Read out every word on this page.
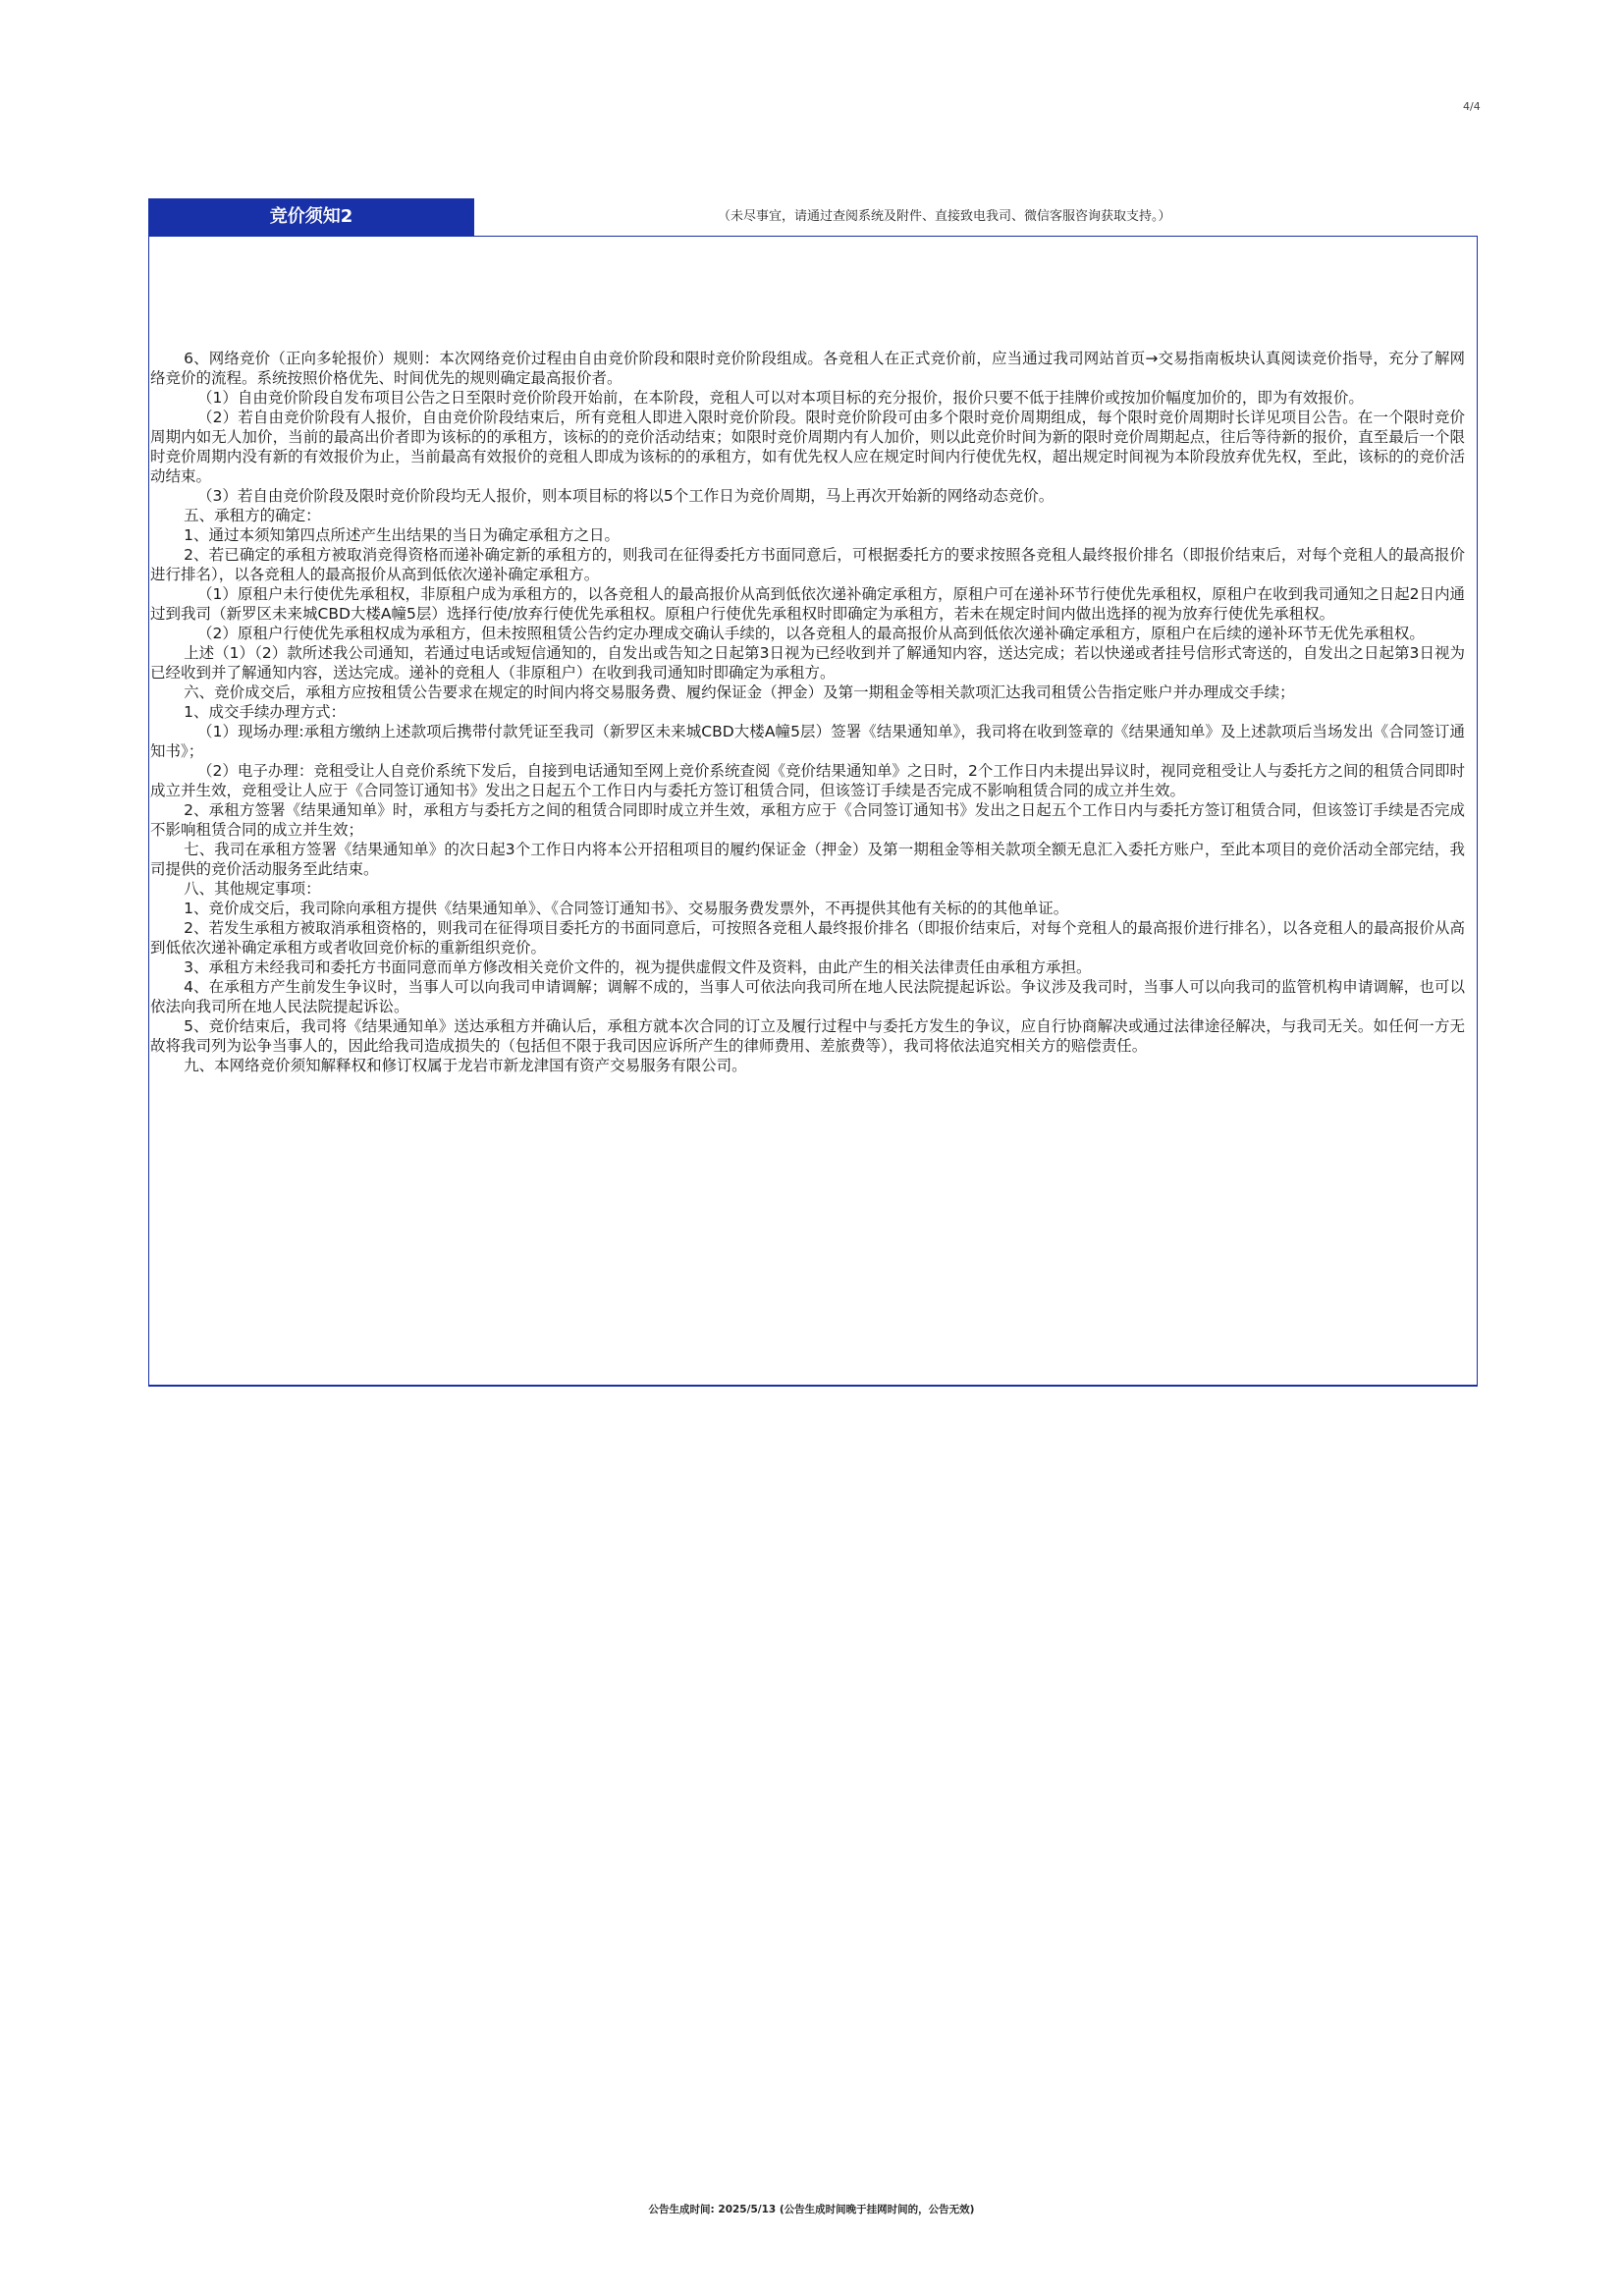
4/4
竞价须知2	（未尽事宜，请通过查阅系统及附件、直接致电我司、微信客服咨询获取支持。）

6、网络竞价（正向多轮报价）规则：本次网络竞价过程由自由竞价阶段和限时竞价阶段组成。各竞租人在正式竞价前，应当通过我司网站首页→交易指南板块认真阅读竞价指导，充分了解网络竞价的流程。系统按照价格优先、时间优先的规则确定最高报价者。

（1）自由竞价阶段自发布项目公告之日至限时竞价阶段开始前，在本阶段，竞租人可以对本项目标的充分报价，报价只要不低于挂牌价或按加价幅度加价的，即为有效报价。

（2）若自由竞价阶段有人报价，自由竞价阶段结束后，所有竞租人即进入限时竞价阶段。限时竞价阶段可由多个限时竞价周期组成，每个限时竞价周期时长详见项目公告。在一个限时竞价周期内如无人加价，当前的最高出价者即为该标的的承租方，该标的的竞价活动结束；如限时竞价周期内有人加价，则以此竞价时间为新的限时竞价周期起点，往后等待新的报价，直至最后一个限时竞价周期内没有新的有效报价为止，当前最高有效报价的竞租人即成为该标的的承租方，如有优先权人应在规定时间内行使优先权，超出规定时间视为本阶段放弃优先权，至此，该标的的竞价活动结束。

（3）若自由竞价阶段及限时竞价阶段均无人报价，则本项目标的将以5个工作日为竞价周期，马上再次开始新的网络动态竞价。

五、承租方的确定：

1、通过本须知第四点所述产生出结果的当日为确定承租方之日。

2、若已确定的承租方被取消竞得资格而递补确定新的承租方的，则我司在征得委托方书面同意后，可根据委托方的要求按照各竞租人最终报价排名（即报价结束后，对每个竞租人的最高报价进行排名），以各竞租人的最高报价从高到低依次递补确定承租方。

（1）原租户未行使优先承租权，非原租户成为承租方的，以各竞租人的最高报价从高到低依次递补确定承租方，原租户可在递补环节行使优先承租权，原租户在收到我司通知之日起2日内通过到我司（新罗区未来城CBD大楼A幢5层）选择行使/放弃行使优先承租权。原租户行使优先承租权时即确定为承租方，若未在规定时间内做出选择的视为放弃行使优先承租权。

（2）原租户行使优先承租权成为承租方，但未按照租赁公告约定办理成交确认手续的，以各竞租人的最高报价从高到低依次递补确定承租方，原租户在后续的递补环节无优先承租权。

上述（1）（2）款所述我公司通知，若通过电话或短信通知的，自发出或告知之日起第3日视为已经收到并了解通知内容，送达完成；若以快递或者挂号信形式寄送的，自发出之日起第3日视为已经收到并了解通知内容，送达完成。递补的竞租人（非原租户）在收到我司通知时即确定为承租方。

六、竞价成交后，承租方应按租赁公告要求在规定的时间内将交易服务费、履约保证金（押金）及第一期租金等相关款项汇达我司租赁公告指定账户并办理成交手续；

1、成交手续办理方式：

（1）现场办理:承租方缴纳上述款项后携带付款凭证至我司（新罗区未来城CBD大楼A幢5层）签署《结果通知单》，我司将在收到签章的《结果通知单》及上述款项后当场发出《合同签订通知书》；

（2）电子办理：竞租受让人自竞价系统下发后，自接到电话通知至网上竞价系统查阅《竞价结果通知单》之日时，2个工作日内未提出异议时，视同竞租受让人与委托方之间的租赁合同即时成立并生效，竞租受让人应于《合同签订通知书》发出之日起五个工作日内与委托方签订租赁合同，但该签订手续是否完成不影响租赁合同的成立并生效。

2、承租方签署《结果通知单》时，承租方与委托方之间的租赁合同即时成立并生效，承租方应于《合同签订通知书》发出之日起五个工作日内与委托方签订租赁合同，但该签订手续是否完成不影响租赁合同的成立并生效；

七、我司在承租方签署《结果通知单》的次日起3个工作日内将本公开招租项目的履约保证金（押金）及第一期租金等相关款项全额无息汇入委托方账户，至此本项目的竞价活动全部完结，我司提供的竞价活动服务至此结束。

八、其他规定事项：

1、竞价成交后，我司除向承租方提供《结果通知单》、《合同签订通知书》、交易服务费发票外，不再提供其他有关标的的其他单证。

2、若发生承租方被取消承租资格的，则我司在征得项目委托方的书面同意后，可按照各竞租人最终报价排名（即报价结束后，对每个竞租人的最高报价进行排名），以各竞租人的最高报价从高到低依次递补确定承租方或者收回竞价标的重新组织竞价。

3、承租方未经我司和委托方书面同意而单方修改相关竞价文件的，视为提供虚假文件及资料，由此产生的相关法律责任由承租方承担。

4、在承租方产生前发生争议时，当事人可以向我司申请调解；调解不成的，当事人可依法向我司所在地人民法院提起诉讼。争议涉及我司时，当事人可以向我司的监管机构申请调解，也可以依法向我司所在地人民法院提起诉讼。

5、竞价结束后，我司将《结果通知单》送达承租方并确认后，承租方就本次合同的订立及履行过程中与委托方发生的争议，应自行协商解决或通过法律途径解决，与我司无关。如任何一方无故将我司列为讼争当事人的，因此给我司造成损失的（包括但不限于我司因应诉所产生的律师费用、差旅费等），我司将依法追究相关方的赔偿责任。

九、本网络竞价须知解释权和修订权属于龙岩市新龙津国有资产交易服务有限公司。

公告生成时间: 2025/5/13 (公告生成时间晚于挂网时间的，公告无效)
